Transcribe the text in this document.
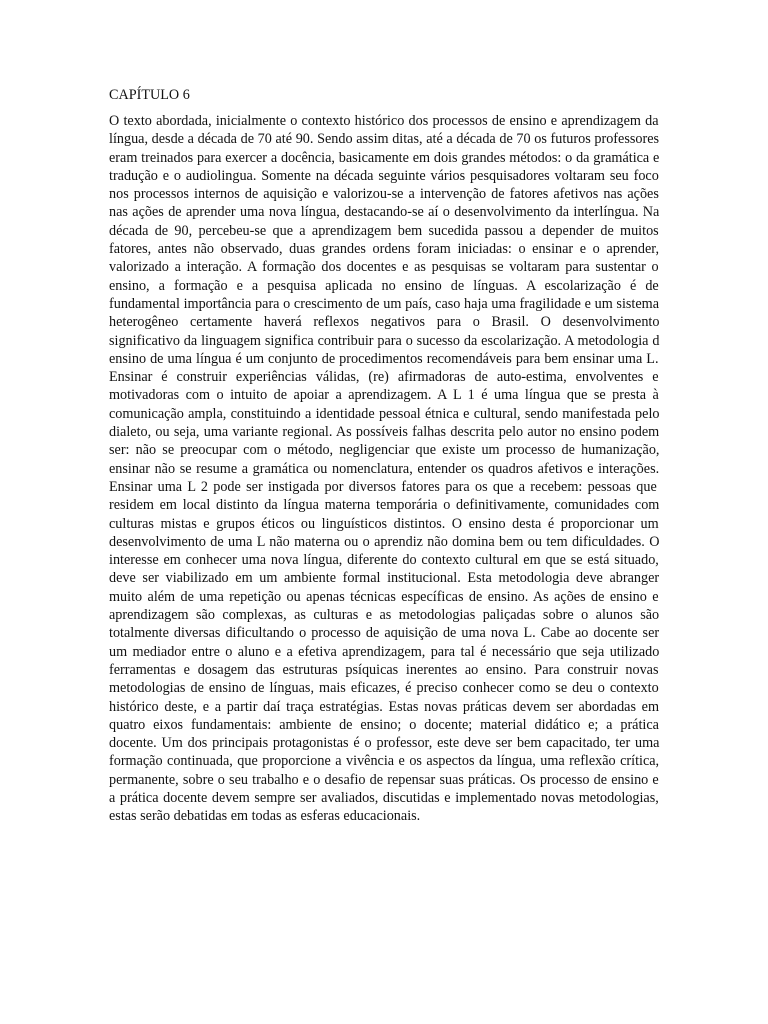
CAPÍTULO 6
O texto abordada, inicialmente o contexto histórico dos processos de ensino e aprendizagem da
língua, desde a década de 70 até 90. Sendo assim ditas, até a década de 70 os futuros professores
eram treinados para exercer a docência, basicamente em dois grandes métodos: o da gramática e
tradução e o audiolingua. Somente na década seguinte vários pesquisadores voltaram seu foco
nos processos internos de aquisição e valorizou-se a intervenção de fatores afetivos nas ações
nas ações de aprender uma nova língua, destacando-se aí o desenvolvimento da interlíngua. Na
década de 90, percebeu-se que a aprendizagem bem sucedida passou a depender de muitos
fatores, antes não observado, duas grandes ordens foram iniciadas: o ensinar e o aprender,
valorizado a interação. A formação dos docentes e as pesquisas se voltaram para sustentar o
ensino, a formação e a pesquisa aplicada no ensino de línguas. A escolarização é de
fundamental importância para o crescimento de um país, caso haja uma fragilidade e um sistema
heterogêneo certamente haverá reflexos negativos para o Brasil. O desenvolvimento
significativo da linguagem significa contribuir para o sucesso da escolarização. A metodologia d
ensino de uma língua é um conjunto de procedimentos recomendáveis para bem ensinar uma L.
Ensinar é construir experiências válidas, (re) afirmadoras de auto-estima, envolventes e
motivadoras com o intuito de apoiar a aprendizagem. A L 1 é uma língua que se presta à
comunicação ampla, constituindo a identidade pessoal étnica e cultural, sendo manifestada pelo
dialeto, ou seja, uma variante regional. As possíveis falhas descrita pelo autor no ensino podem
ser: não se preocupar com o método, negligenciar que existe um processo de humanização,
ensinar não se resume a gramática ou nomenclatura, entender os quadros afetivos e interações.
Ensinar uma L 2 pode ser instigada por diversos fatores para os que a recebem: pessoas que
residem em local distinto da língua materna temporária o definitivamente, comunidades com
culturas mistas e grupos éticos ou linguísticos distintos. O ensino desta é proporcionar um
desenvolvimento de uma L não materna ou o aprendiz não domina bem ou tem dificuldades. O
interesse em conhecer uma nova língua, diferente do contexto cultural em que se está situado,
deve ser viabilizado em um ambiente formal institucional. Esta metodologia deve abranger
muito além de uma repetição ou apenas técnicas específicas de ensino. As ações de ensino e
aprendizagem são complexas, as culturas e as metodologias paliçadas sobre o alunos são
totalmente diversas dificultando o processo de aquisição de uma nova L. Cabe ao docente ser
um mediador entre o aluno e a efetiva aprendizagem, para tal é necessário que seja utilizado
ferramentas e dosagem das estruturas psíquicas inerentes ao ensino. Para construir novas
metodologias de ensino de línguas, mais eficazes, é preciso conhecer como se deu o contexto
histórico deste, e a partir daí traça estratégias. Estas novas práticas devem ser abordadas em
quatro eixos fundamentais: ambiente de ensino; o docente; material didático e; a prática
docente. Um dos principais protagonistas é o professor, este deve ser bem capacitado, ter uma
formação continuada, que proporcione a vivência e os aspectos da língua, uma reflexão crítica,
permanente, sobre o seu trabalho e o desafio de repensar suas práticas. Os processo de ensino e
a prática docente devem sempre ser avaliados, discutidas e implementado novas metodologias,
estas serão debatidas em todas as esferas educacionais.
